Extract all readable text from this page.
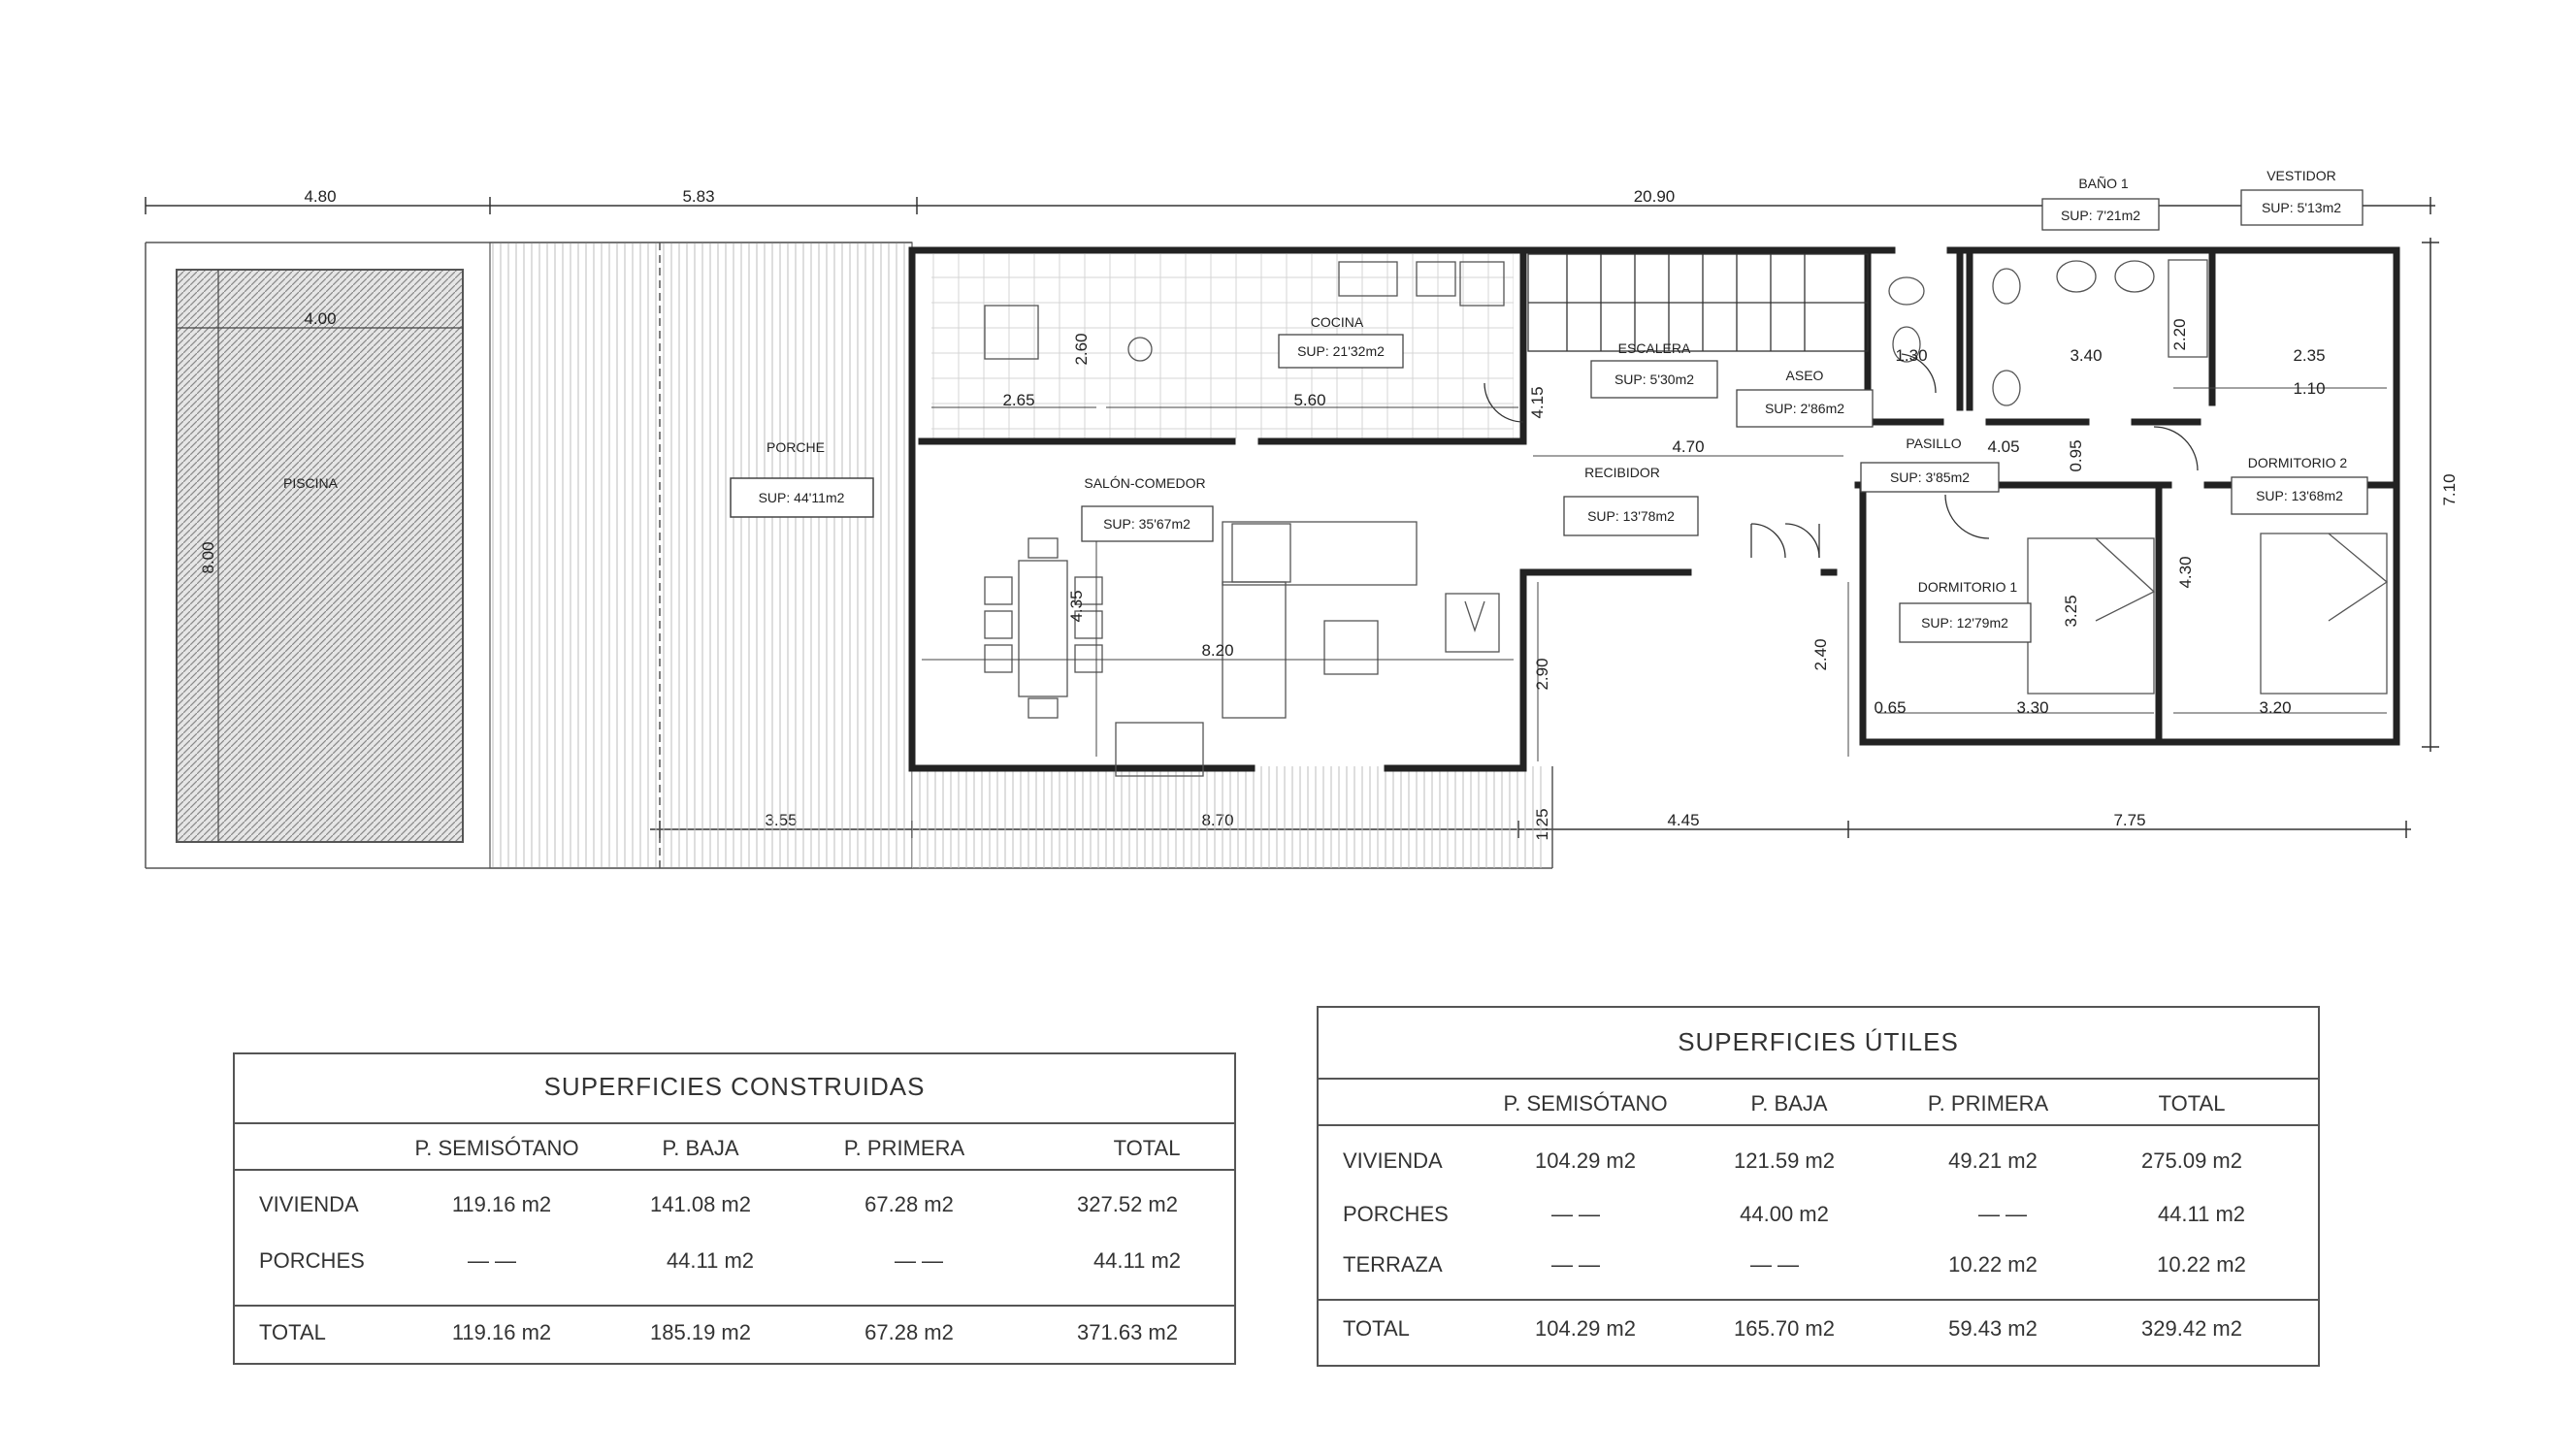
4.80	5.83	20.90
7.10
4.45	7.75
PISCINA
4.00
8.00
PORCHE
SUP: 44'11m2
2.65
2.60
5.60	4.15
4.70
4.35
8.20
2.90
1.25
1.30	3.40
2.20
2.35
1.10
4.05	0.95
4.30
2.40
3.25
0.65	3.30	3.20
COCINA
SUP: 21'32m2	ESCALERA
SUP: 5'30m2	ASEO
SUP: 2'86m2
BAÑO 1
SUP: 7'21m2
VESTIDOR
SUP: 5'13m2
SALÓN-COMEDOR
SUP: 35'67m2
RECIBIDOR
SUP: 13'78m2
PASILLO
SUP: 3'85m2
DORMITORIO 1
SUP: 12'79m2
DORMITORIO 2
SUP: 13'68m2
SUPERFICIES CONSTRUIDAS
P. SEMISÓTANO	P. BAJA	P. PRIMERA	TOTAL
VIVIENDA	119.16 m2	141.08 m2	67.28 m2	327.52 m2
PORCHES	— —	44.11 m2	— —	44.11 m2
TOTAL	119.16 m2	185.19 m2	67.28 m2	371.63 m2
SUPERFICIES ÚTILES
P. SEMISÓTANO	P. BAJA	P. PRIMERA	TOTAL
VIVIENDA	104.29 m2	121.59 m2	49.21 m2	275.09 m2
PORCHES	— —	44.00 m2	— —	44.11 m2
TERRAZA	— —	— —	10.22 m2	10.22 m2
TOTAL	104.29 m2	165.70 m2	59.43 m2	329.42 m2
